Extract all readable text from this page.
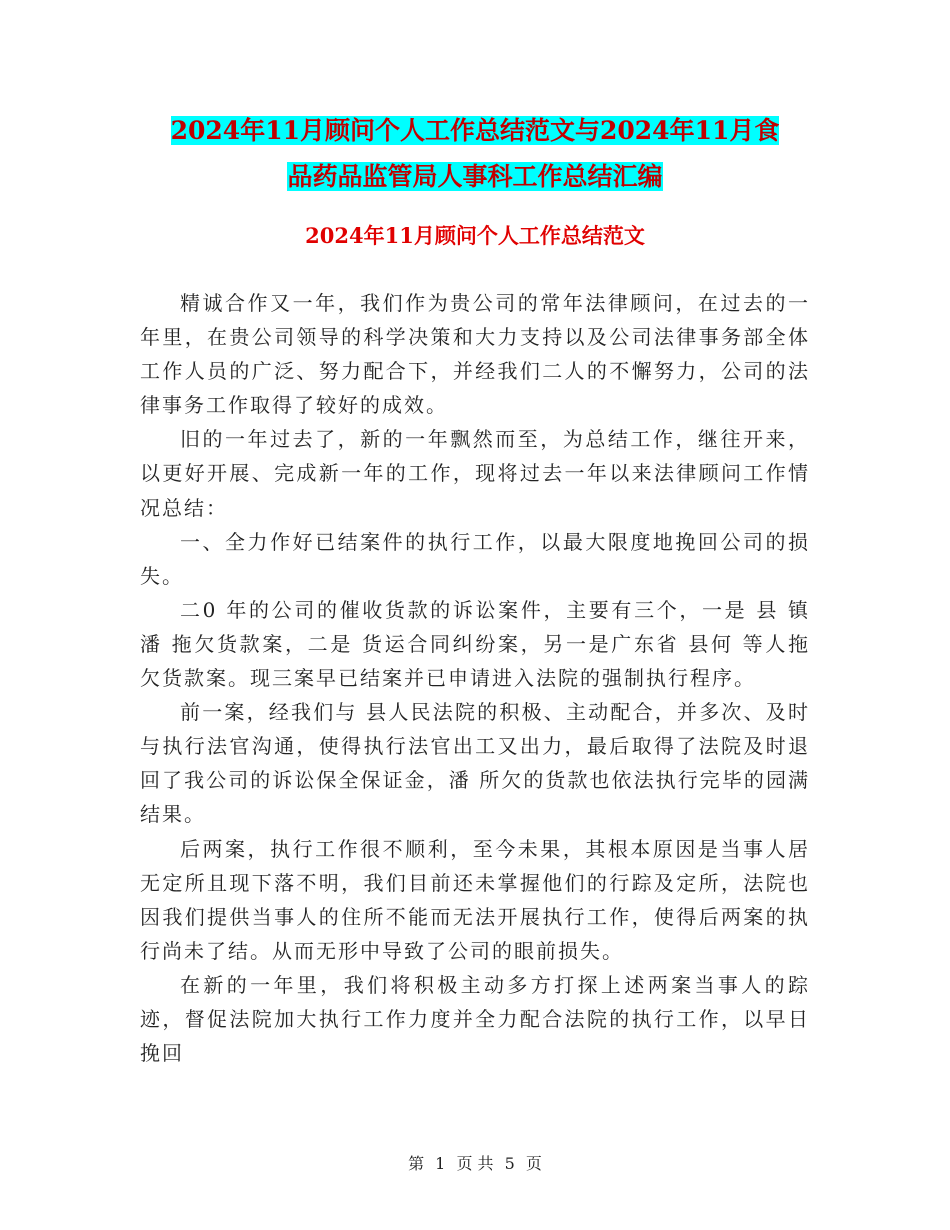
2024年11月顾问个人工作总结范文与2024年11月食
品药品监管局人事科工作总结汇编
2024年11月顾问个人工作总结范文

精诚合作又一年，我们作为贵公司的常年法律顾问，在过去的一年里，在贵公司领导的科学决策和大力支持以及公司法律事务部全体工作人员的广泛、努力配合下，并经我们二人的不懈努力，公司的法律事务工作取得了较好的成效。

旧的一年过去了，新的一年飘然而至，为总结工作，继往开来，以更好开展、完成新一年的工作，现将过去一年以来法律顾问工作情况总结：

一、全力作好已结案件的执行工作，以最大限度地挽回公司的损失。

二0 年的公司的催收货款的诉讼案件，主要有三个，一是 县 镇潘 拖欠货款案，二是 货运合同纠纷案，另一是广东省 县何 等人拖欠货款案。现三案早已结案并已申请进入法院的强制执行程序。

前一案，经我们与 县人民法院的积极、主动配合，并多次、及时与执行法官沟通，使得执行法官出工又出力，最后取得了法院及时退回了我公司的诉讼保全保证金，潘 所欠的货款也依法执行完毕的园满结果。

后两案，执行工作很不顺利，至今未果，其根本原因是当事人居无定所且现下落不明，我们目前还未掌握他们的行踪及定所，法院也因我们提供当事人的住所不能而无法开展执行工作，使得后两案的执行尚未了结。从而无形中导致了公司的眼前损失。

在新的一年里，我们将积极主动多方打探上述两案当事人的踪迹，督促法院加大执行工作力度并全力配合法院的执行工作，以早日挽回

第 1 页 共 5 页
